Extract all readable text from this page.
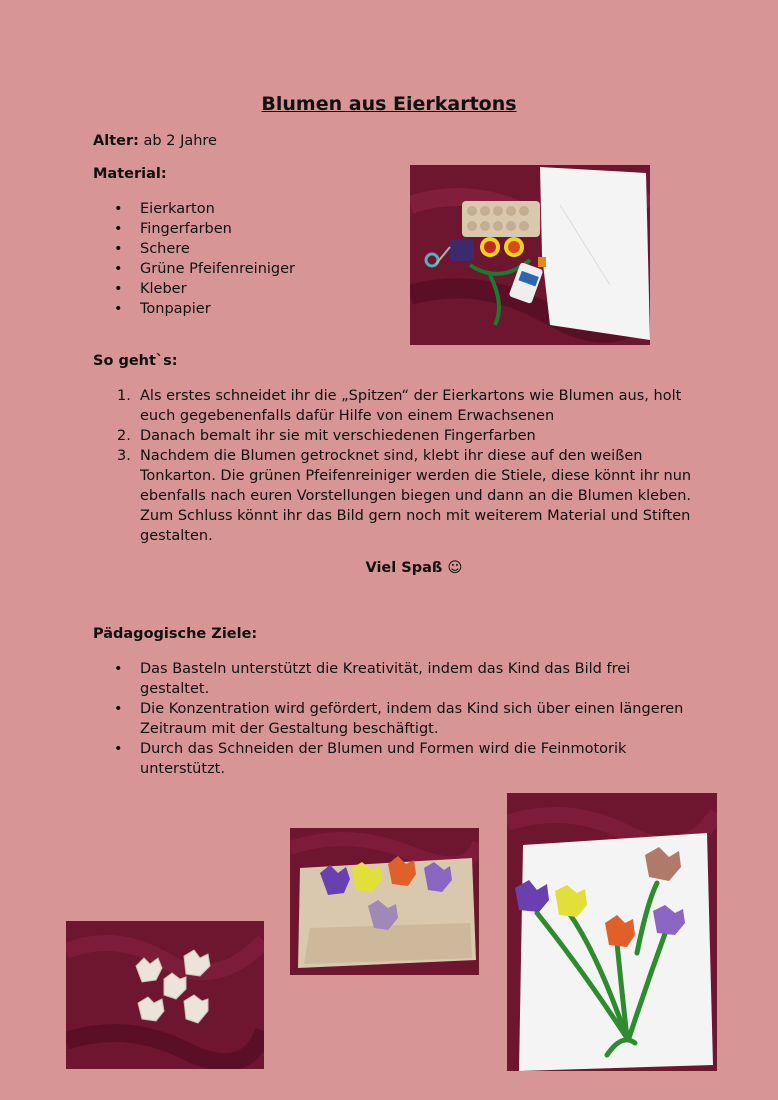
Blumen aus Eierkartons

Alter: ab 2 Jahre

Material:

• Eierkarton
• Fingerfarben
• Schere
• Grüne Pfeifenreiniger
• Kleber
• Tonpapier

So geht`s:

1. Als erstes schneidet ihr die „Spitzen“ der Eierkartons wie Blumen aus, holt euch gegebenenfalls dafür Hilfe von einem Erwachsenen
2. Danach bemalt ihr sie mit verschiedenen Fingerfarben
3. Nachdem die Blumen getrocknet sind, klebt ihr diese auf den weißen Tonkarton. Die grünen Pfeifenreiniger werden die Stiele, diese könnt ihr nun ebenfalls nach euren Vorstellungen biegen und dann an die Blumen kleben. Zum Schluss könnt ihr das Bild gern noch mit weiterem Material und Stiften gestalten.

Viel Spaß ☺

Pädagogische Ziele:

• Das Basteln unterstützt die Kreativität, indem das Kind das Bild frei gestaltet.
• Die Konzentration wird gefördert, indem das Kind sich über einen längeren Zeitraum mit der Gestaltung beschäftigt.
• Durch das Schneiden der Blumen und Formen wird die Feinmotorik unterstützt.
